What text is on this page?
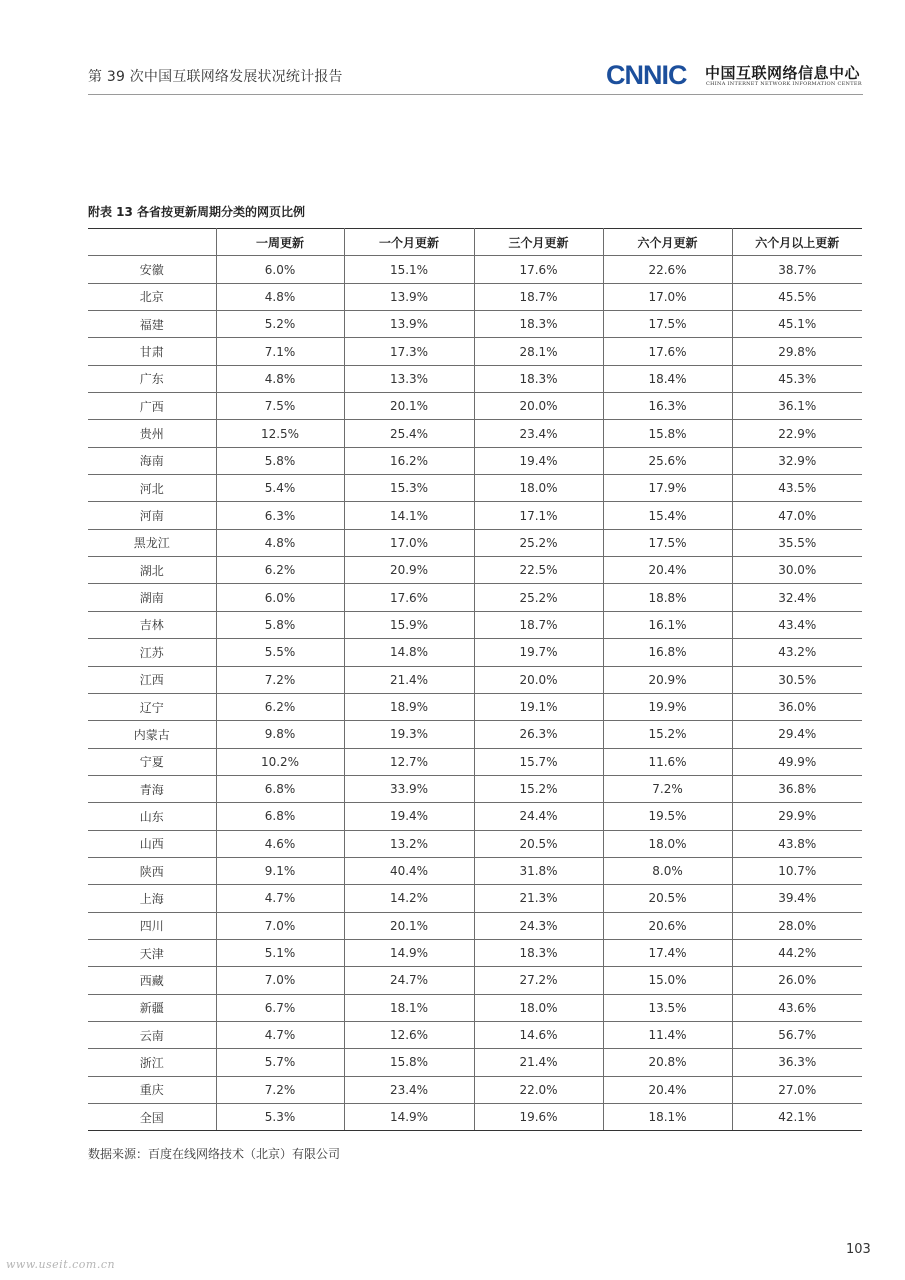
第 39 次中国互联网络发展状况统计报告	CNNIC 中国互联网络信息中心
CHINA INTERNET NETWORK INFORMATION CENTER
附表 13 各省按更新周期分类的网页比例
	一周更新	一个月更新	三个月更新	六个月更新	六个月以上更新
安徽	6.0%	15.1%	17.6%	22.6%	38.7%
北京	4.8%	13.9%	18.7%	17.0%	45.5%
福建	5.2%	13.9%	18.3%	17.5%	45.1%
甘肃	7.1%	17.3%	28.1%	17.6%	29.8%
广东	4.8%	13.3%	18.3%	18.4%	45.3%
广西	7.5%	20.1%	20.0%	16.3%	36.1%
贵州	12.5%	25.4%	23.4%	15.8%	22.9%
海南	5.8%	16.2%	19.4%	25.6%	32.9%
河北	5.4%	15.3%	18.0%	17.9%	43.5%
河南	6.3%	14.1%	17.1%	15.4%	47.0%
黑龙江	4.8%	17.0%	25.2%	17.5%	35.5%
湖北	6.2%	20.9%	22.5%	20.4%	30.0%
湖南	6.0%	17.6%	25.2%	18.8%	32.4%
吉林	5.8%	15.9%	18.7%	16.1%	43.4%
江苏	5.5%	14.8%	19.7%	16.8%	43.2%
江西	7.2%	21.4%	20.0%	20.9%	30.5%
辽宁	6.2%	18.9%	19.1%	19.9%	36.0%
内蒙古	9.8%	19.3%	26.3%	15.2%	29.4%
宁夏	10.2%	12.7%	15.7%	11.6%	49.9%
青海	6.8%	33.9%	15.2%	7.2%	36.8%
山东	6.8%	19.4%	24.4%	19.5%	29.9%
山西	4.6%	13.2%	20.5%	18.0%	43.8%
陕西	9.1%	40.4%	31.8%	8.0%	10.7%
上海	4.7%	14.2%	21.3%	20.5%	39.4%
四川	7.0%	20.1%	24.3%	20.6%	28.0%
天津	5.1%	14.9%	18.3%	17.4%	44.2%
西藏	7.0%	24.7%	27.2%	15.0%	26.0%
新疆	6.7%	18.1%	18.0%	13.5%	43.6%
云南	4.7%	12.6%	14.6%	11.4%	56.7%
浙江	5.7%	15.8%	21.4%	20.8%	36.3%
重庆	7.2%	23.4%	22.0%	20.4%	27.0%
全国	5.3%	14.9%	19.6%	18.1%	42.1%
数据来源：百度在线网络技术（北京）有限公司
103
www.useit.com.cn
